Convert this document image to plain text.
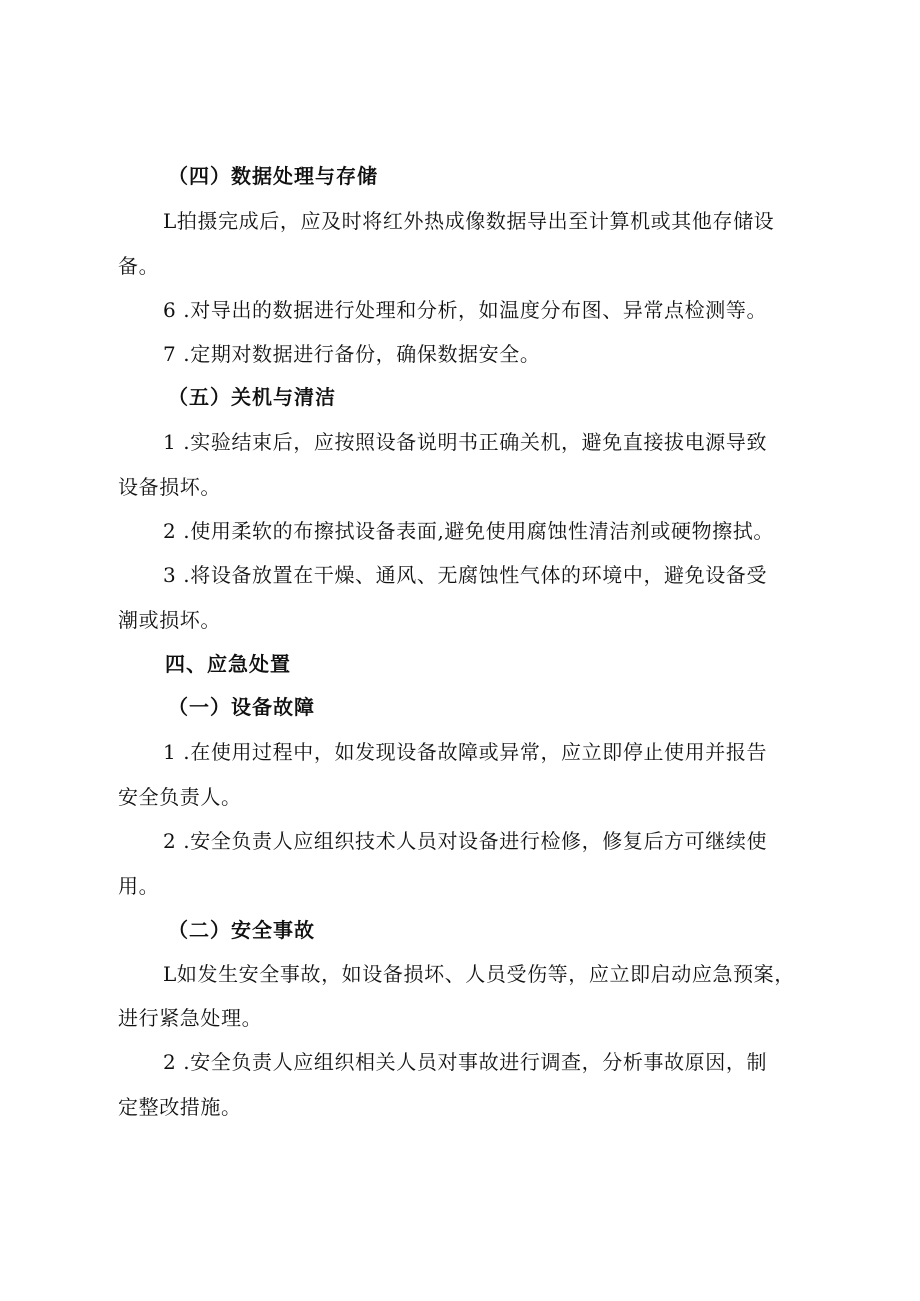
（四）数据处理与存储
L拍摄完成后，应及时将红外热成像数据导出至计算机或其他存储设
备。
6 .对导出的数据进行处理和分析，如温度分布图、异常点检测等。
7 .定期对数据进行备份，确保数据安全。
（五）关机与清洁
1 .实验结束后，应按照设备说明书正确关机，避免直接拔电源导致
设备损坏。
2 .使用柔软的布擦拭设备表面,避免使用腐蚀性清洁剂或硬物擦拭。
3 .将设备放置在干燥、通风、无腐蚀性气体的环境中，避免设备受
潮或损坏。
四、应急处置
（一）设备故障
1 .在使用过程中，如发现设备故障或异常，应立即停止使用并报告
安全负责人。
2 .安全负责人应组织技术人员对设备进行检修，修复后方可继续使
用。
（二）安全事故
L如发生安全事故，如设备损坏、人员受伤等，应立即启动应急预案，
进行紧急处理。
2 .安全负责人应组织相关人员对事故进行调查，分析事故原因，制
定整改措施。
